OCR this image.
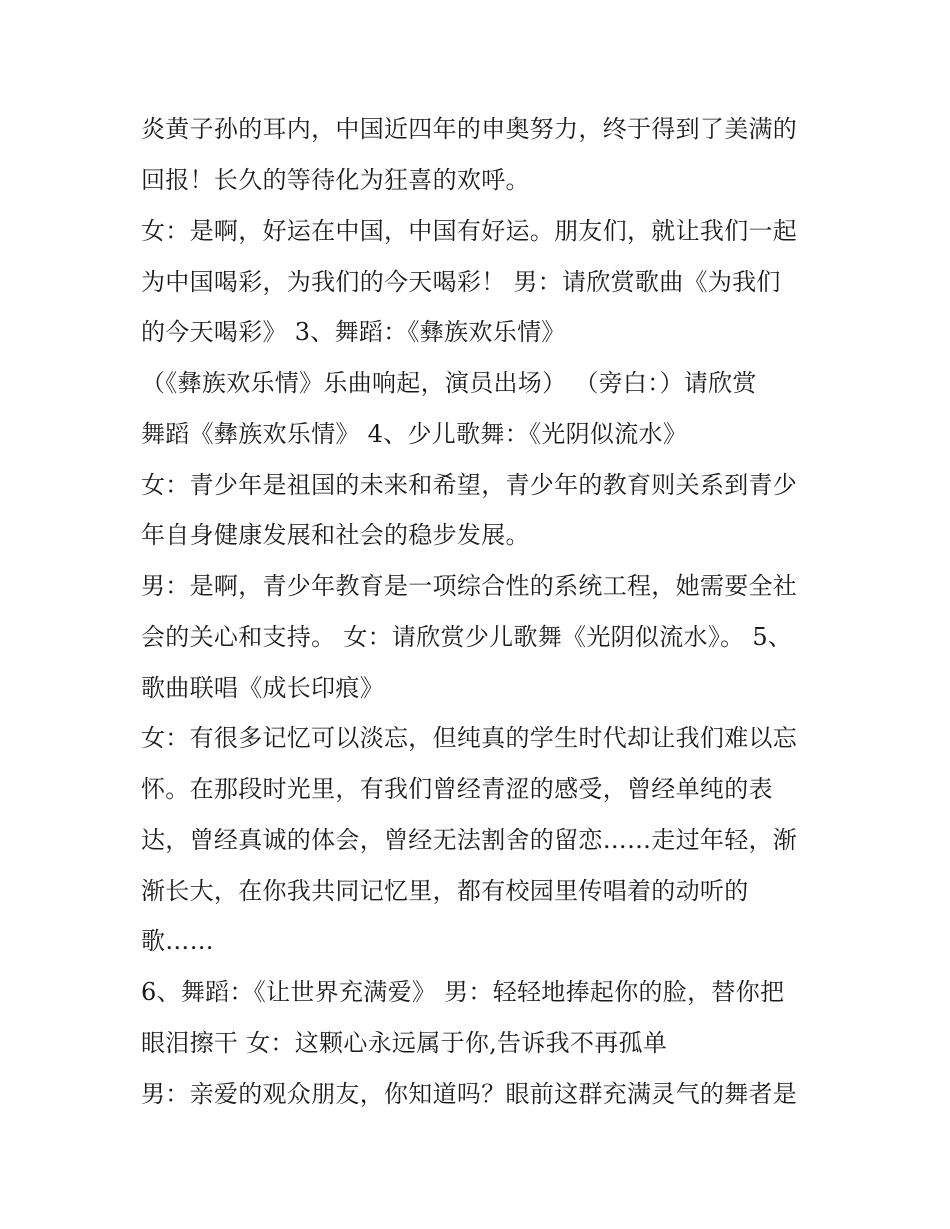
炎黄子孙的耳内，中国近四年的申奥努力，终于得到了美满的
回报！长久的等待化为狂喜的欢呼。
女：是啊，好运在中国，中国有好运。朋友们，就让我们一起
为中国喝彩，为我们的今天喝彩！ 男：请欣赏歌曲《为我们
的今天喝彩》 3、舞蹈：《彝族欢乐情》
（《彝族欢乐情》乐曲响起，演员出场） （旁白：）请欣赏
舞蹈《彝族欢乐情》 4、少儿歌舞：《光阴似流水》
女：青少年是祖国的未来和希望，青少年的教育则关系到青少
年自身健康发展和社会的稳步发展。
男：是啊，青少年教育是一项综合性的系统工程，她需要全社
会的关心和支持。 女：请欣赏少儿歌舞《光阴似流水》。 5、
歌曲联唱《成长印痕》
女：有很多记忆可以淡忘，但纯真的学生时代却让我们难以忘
怀。在那段时光里，有我们曾经青涩的感受，曾经单纯的表
达，曾经真诚的体会，曾经无法割舍的留恋……走过年轻，渐
渐长大，在你我共同记忆里，都有校园里传唱着的动听的
歌……
6、舞蹈：《让世界充满爱》 男：轻轻地捧起你的脸，替你把
眼泪擦干 女：这颗心永远属于你,告诉我不再孤单
男：亲爱的观众朋友，你知道吗？眼前这群充满灵气的舞者是
